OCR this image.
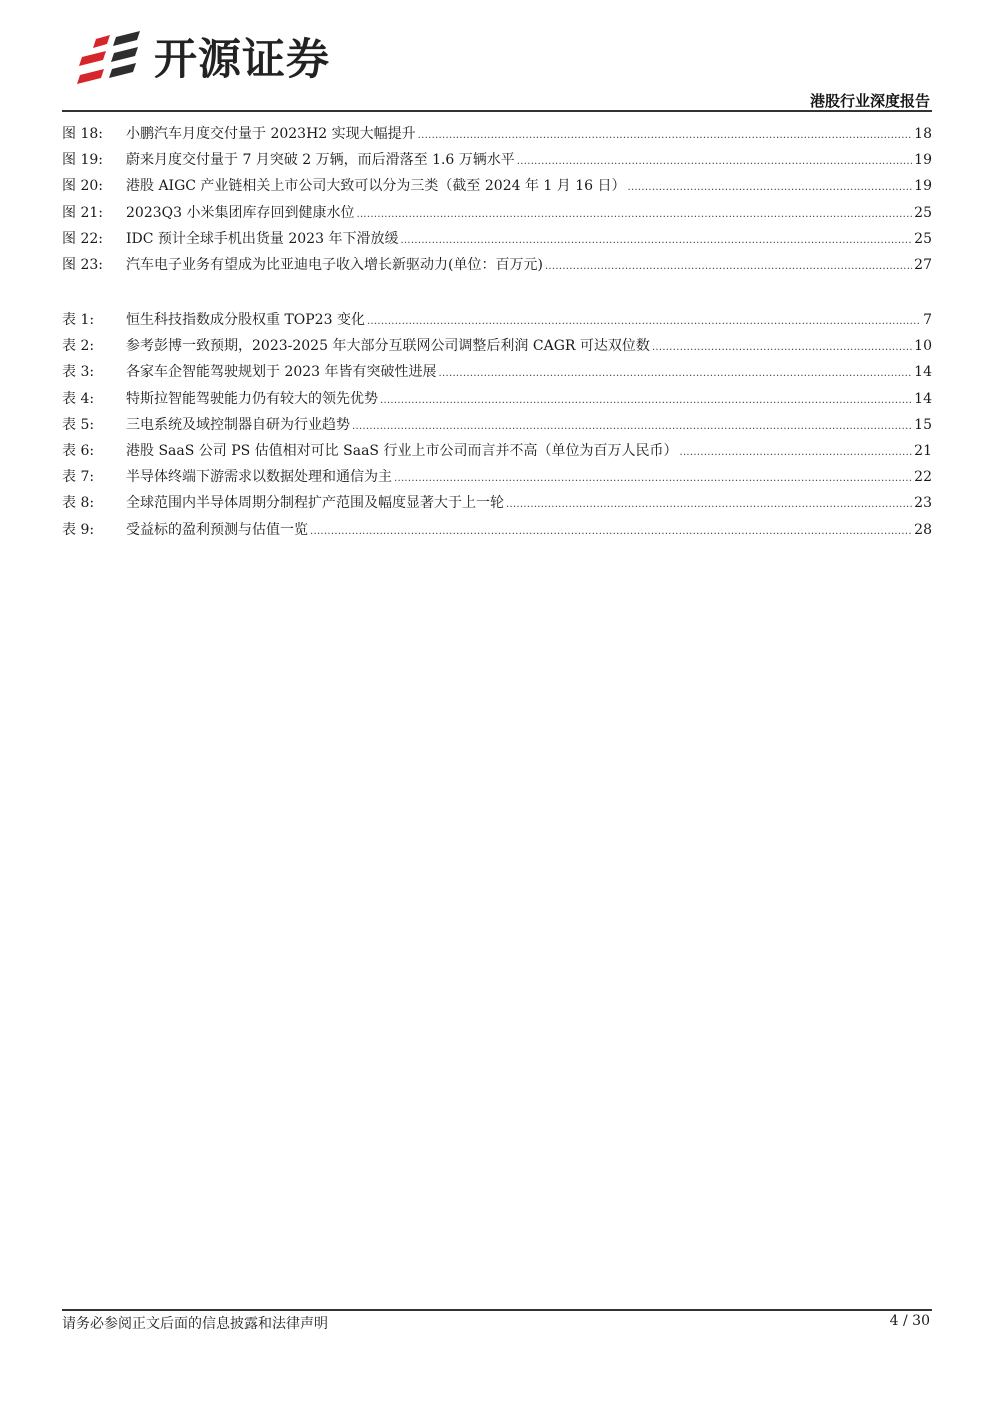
开源证券
港股行业深度报告
图 18:	小鹏汽车月度交付量于 2023H2 实现大幅提升 .....	18
图 19:	蔚来月度交付量于 7 月突破 2 万辆，而后滑落至 1.6 万辆水平 .....	19
图 20:	港股 AIGC 产业链相关上市公司大致可以分为三类（截至 2024 年 1 月 16 日） .....	19
图 21:	2023Q3 小米集团库存回到健康水位 .....	25
图 22:	IDC 预计全球手机出货量 2023 年下滑放缓 .....	25
图 23:	汽车电子业务有望成为比亚迪电子收入增长新驱动力(单位：百万元) .....	27
表 1:	恒生科技指数成分股权重 TOP23 变化 .....	7
表 2:	参考彭博一致预期，2023-2025 年大部分互联网公司调整后利润 CAGR 可达双位数 .....	10
表 3:	各家车企智能驾驶规划于 2023 年皆有突破性进展 .....	14
表 4:	特斯拉智能驾驶能力仍有较大的领先优势 .....	14
表 5:	三电系统及域控制器自研为行业趋势 .....	15
表 6:	港股 SaaS 公司 PS 估值相对可比 SaaS 行业上市公司而言并不高（单位为百万人民币） .....	21
表 7:	半导体终端下游需求以数据处理和通信为主 .....	22
表 8:	全球范围内半导体周期分制程扩产范围及幅度显著大于上一轮 .....	23
表 9:	受益标的盈利预测与估值一览 .....	28
请务必参阅正文后面的信息披露和法律声明	4 / 30
